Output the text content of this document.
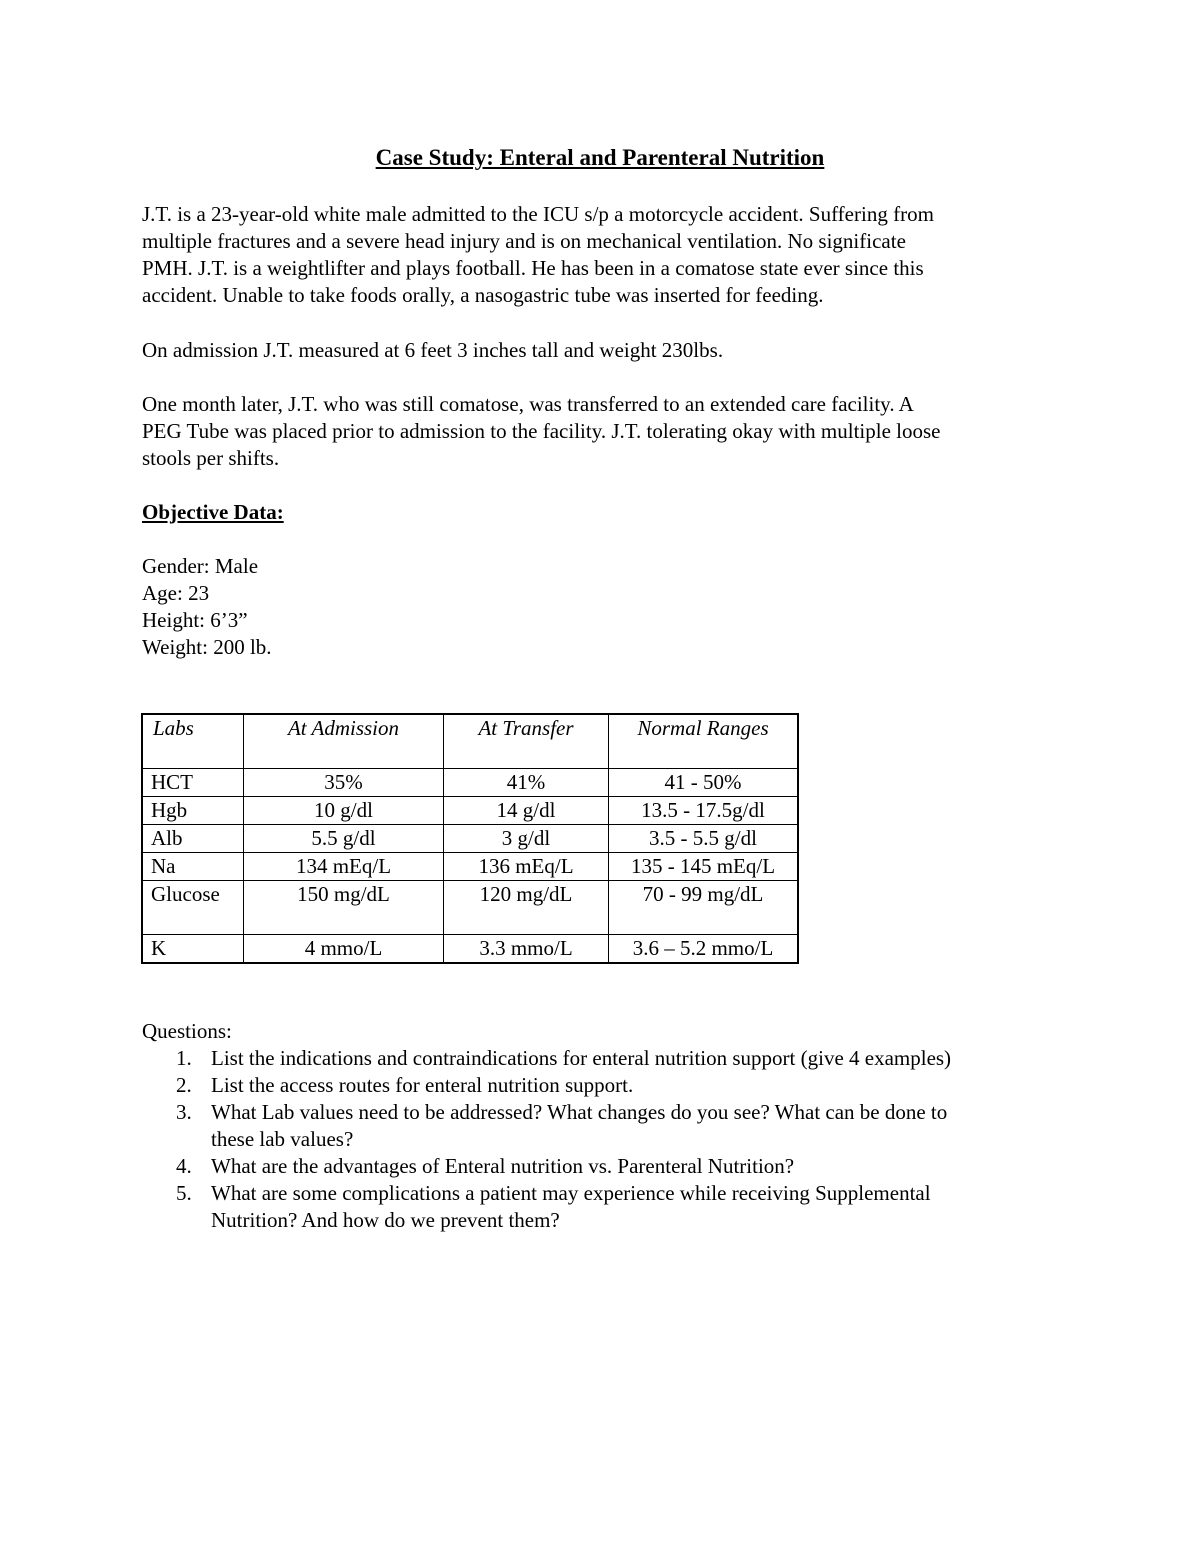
Case Study: Enteral and Parenteral Nutrition

J.T. is a 23-year-old white male admitted to the ICU s/p a motorcycle accident. Suffering from
multiple fractures and a severe head injury and is on mechanical ventilation. No significate
PMH. J.T. is a weightlifter and plays football. He has been in a comatose state ever since this
accident. Unable to take foods orally, a nasogastric tube was inserted for feeding.

On admission J.T. measured at 6 feet 3 inches tall and weight 230lbs.

One month later, J.T. who was still comatose, was transferred to an extended care facility. A
PEG Tube was placed prior to admission to the facility. J.T. tolerating okay with multiple loose
stools per shifts.

Objective Data:

Gender: Male
Age: 23
Height: 6’3”
Weight: 200 lb.
Labs	At Admission	At Transfer	Normal Ranges
HCT	35%	41%	41 - 50%
Hgb	10 g/dl	14 g/dl	13.5 - 17.5g/dl
Alb	5.5 g/dl	3 g/dl	3.5 - 5.5 g/dl
Na	134 mEq/L	136 mEq/L	135 - 145 mEq/L
Glucose	150 mg/dL	120 mg/dL	70 - 99 mg/dL
K	4 mmo/L	3.3 mmo/L	3.6 – 5.2 mmo/L
Questions:
1. List the indications and contraindications for enteral nutrition support (give 4 examples)
2. List the access routes for enteral nutrition support.
3. What Lab values need to be addressed? What changes do you see? What can be done to
these lab values?
4. What are the advantages of Enteral nutrition vs. Parenteral Nutrition?
5. What are some complications a patient may experience while receiving Supplemental
Nutrition? And how do we prevent them?
